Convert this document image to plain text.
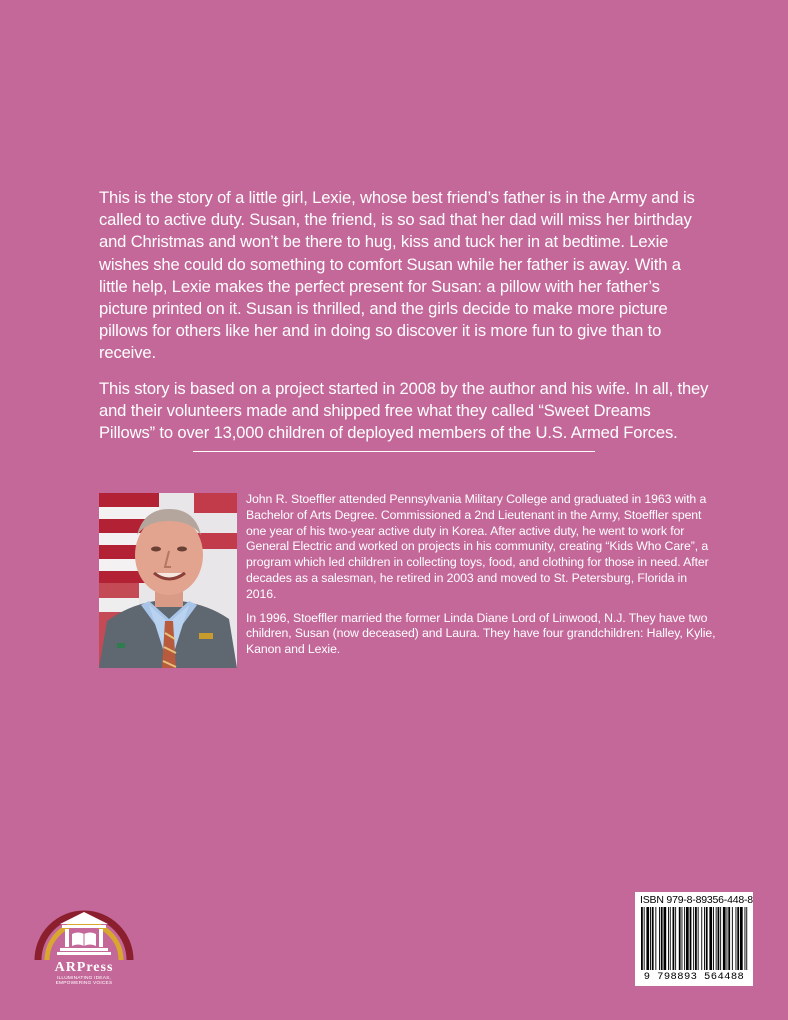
This is the story of a little girl, Lexie, whose best friend’s father is in the Army and is called to active duty. Susan, the friend, is so sad that her dad will miss her birthday and Christmas and won’t be there to hug, kiss and tuck her in at bedtime. Lexie wishes she could do something to comfort Susan while her father is away. With a little help, Lexie makes the perfect present for Susan: a pillow with her father’s picture printed on it. Susan is thrilled, and the girls decide to make more picture pillows for others like her and in doing so discover it is more fun to give than to receive.

This story is based on a project started in 2008 by the author and his wife. In all, they and their volunteers made and shipped free what they called “Sweet Dreams Pillows” to over 13,000 children of deployed members of the U.S. Armed Forces.

John R. Stoeffler attended Pennsylvania Military College and graduated in 1963 with a Bachelor of Arts Degree. Commissioned a 2nd Lieutenant in the Army, Stoeffler spent one year of his two-year active duty in Korea. After active duty, he went to work for General Electric and worked on projects in his community, creating “Kids Who Care”, a program which led children in collecting toys, food, and clothing for those in need. After decades as a salesman, he retired in 2003 and moved to St. Petersburg, Florida in 2016.

In 1996, Stoeffler married the former Linda Diane Lord of Linwood, N.J. They have two children, Susan (now deceased) and Laura. They have four grandchildren: Halley, Kylie, Kanon and Lexie.

ARPress
ILLUMINATING IDEAS,
EMPOWERING VOICES
ISBN 979-8-89356-448-8
9 798893 564488
